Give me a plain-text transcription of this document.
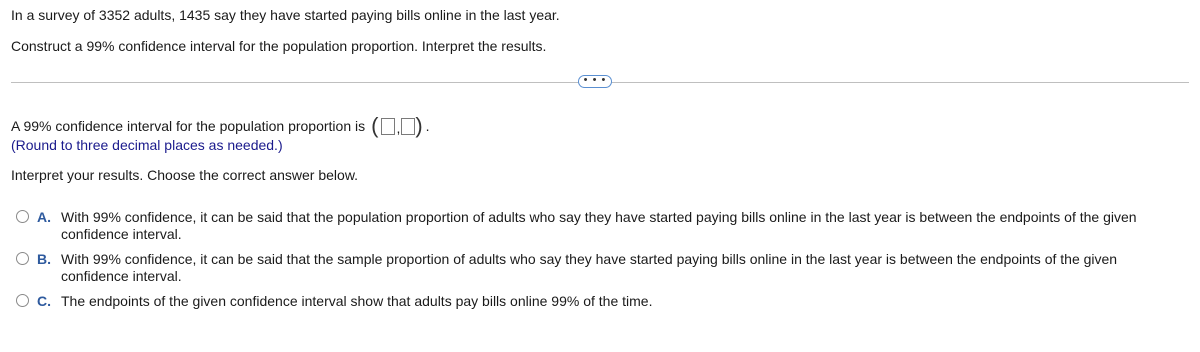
In a survey of 3352 adults, 1435 say they have started paying bills online in the last year.
Construct a 99% confidence interval for the population proportion. Interpret the results.
• • •
A 99% confidence interval for the population proportion is ( , ) .
(Round to three decimal places as needed.)
Interpret your results. Choose the correct answer below.
A. With 99% confidence, it can be said that the population proportion of adults who say they have started paying bills online in the last year is between the endpoints of the given confidence interval.
B. With 99% confidence, it can be said that the sample proportion of adults who say they have started paying bills online in the last year is between the endpoints of the given confidence interval.
C. The endpoints of the given confidence interval show that adults pay bills online 99% of the time.
